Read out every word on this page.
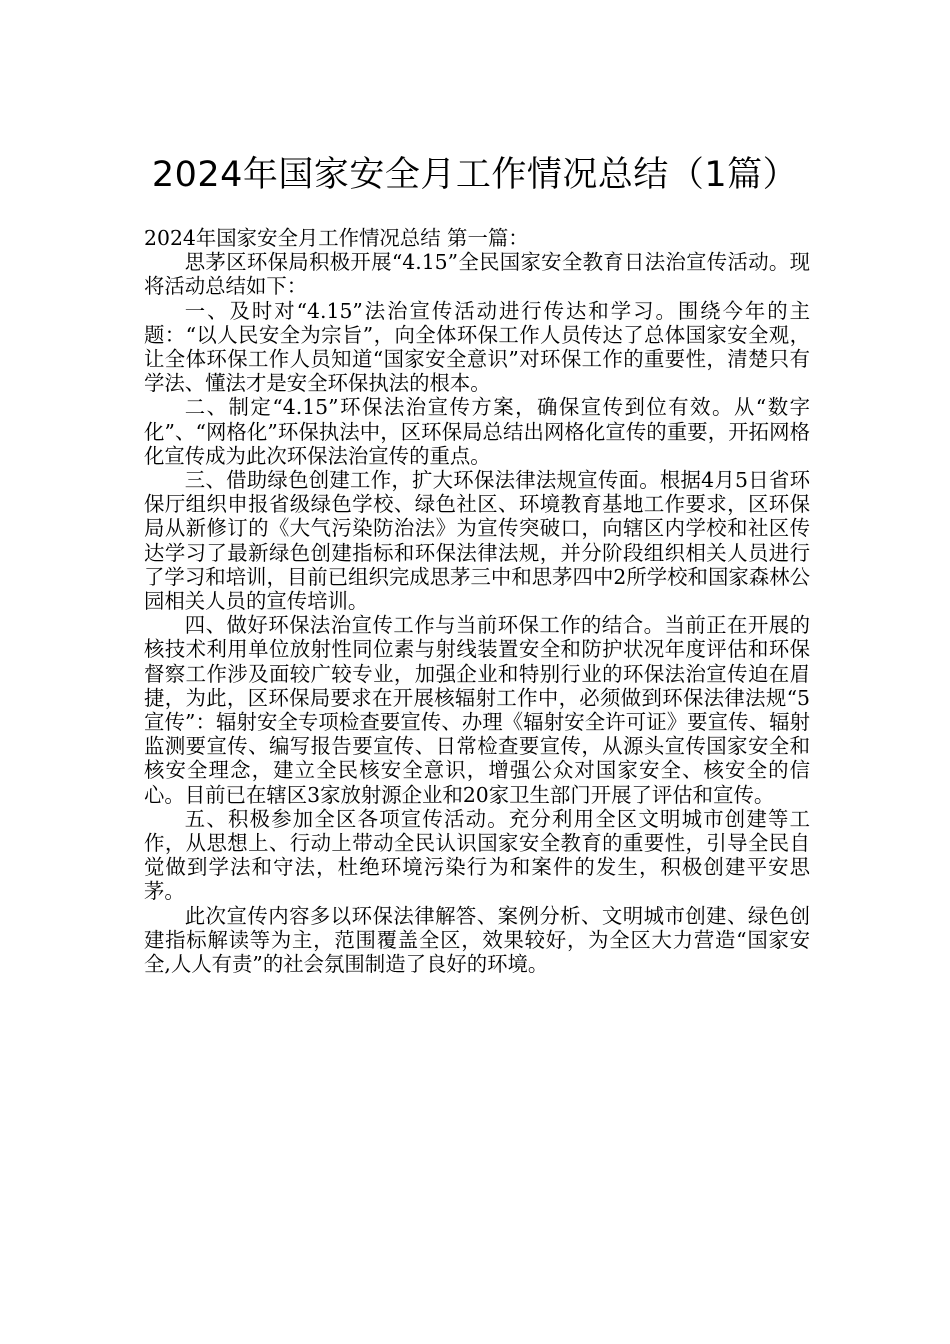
2024年国家安全月工作情况总结（1篇）

2024年国家安全月工作情况总结 第一篇：

思茅区环保局积极开展“4.15”全民国家安全教育日法治宣传活动。现将活动总结如下：

一、及时对“4.15”法治宣传活动进行传达和学习。围绕今年的主题：“以人民安全为宗旨”，向全体环保工作人员传达了总体国家安全观，让全体环保工作人员知道“国家安全意识”对环保工作的重要性，清楚只有学法、懂法才是安全环保执法的根本。

二、制定“4.15”环保法治宣传方案，确保宣传到位有效。从“数字化”、“网格化”环保执法中，区环保局总结出网格化宣传的重要，开拓网格化宣传成为此次环保法治宣传的重点。

三、借助绿色创建工作，扩大环保法律法规宣传面。根据4月5日省环保厅组织申报省级绿色学校、绿色社区、环境教育基地工作要求，区环保局从新修订的《大气污染防治法》为宣传突破口，向辖区内学校和社区传达学习了最新绿色创建指标和环保法律法规，并分阶段组织相关人员进行了学习和培训，目前已组织完成思茅三中和思茅四中2所学校和国家森林公园相关人员的宣传培训。

四、做好环保法治宣传工作与当前环保工作的结合。当前正在开展的核技术利用单位放射性同位素与射线装置安全和防护状况年度评估和环保督察工作涉及面较广较专业，加强企业和特别行业的环保法治宣传迫在眉捷，为此，区环保局要求在开展核辐射工作中，必须做到环保法律法规“5宣传”：辐射安全专项检查要宣传、办理《辐射安全许可证》要宣传、辐射监测要宣传、编写报告要宣传、日常检查要宣传，从源头宣传国家安全和核安全理念，建立全民核安全意识，增强公众对国家安全、核安全的信心。目前已在辖区3家放射源企业和20家卫生部门开展了评估和宣传。

五、积极参加全区各项宣传活动。充分利用全区文明城市创建等工作，从思想上、行动上带动全民认识国家安全教育的重要性，引导全民自觉做到学法和守法，杜绝环境污染行为和案件的发生，积极创建平安思茅。

此次宣传内容多以环保法律解答、案例分析、文明城市创建、绿色创建指标解读等为主，范围覆盖全区，效果较好，为全区大力营造“国家安全,人人有责”的社会氛围制造了良好的环境。
